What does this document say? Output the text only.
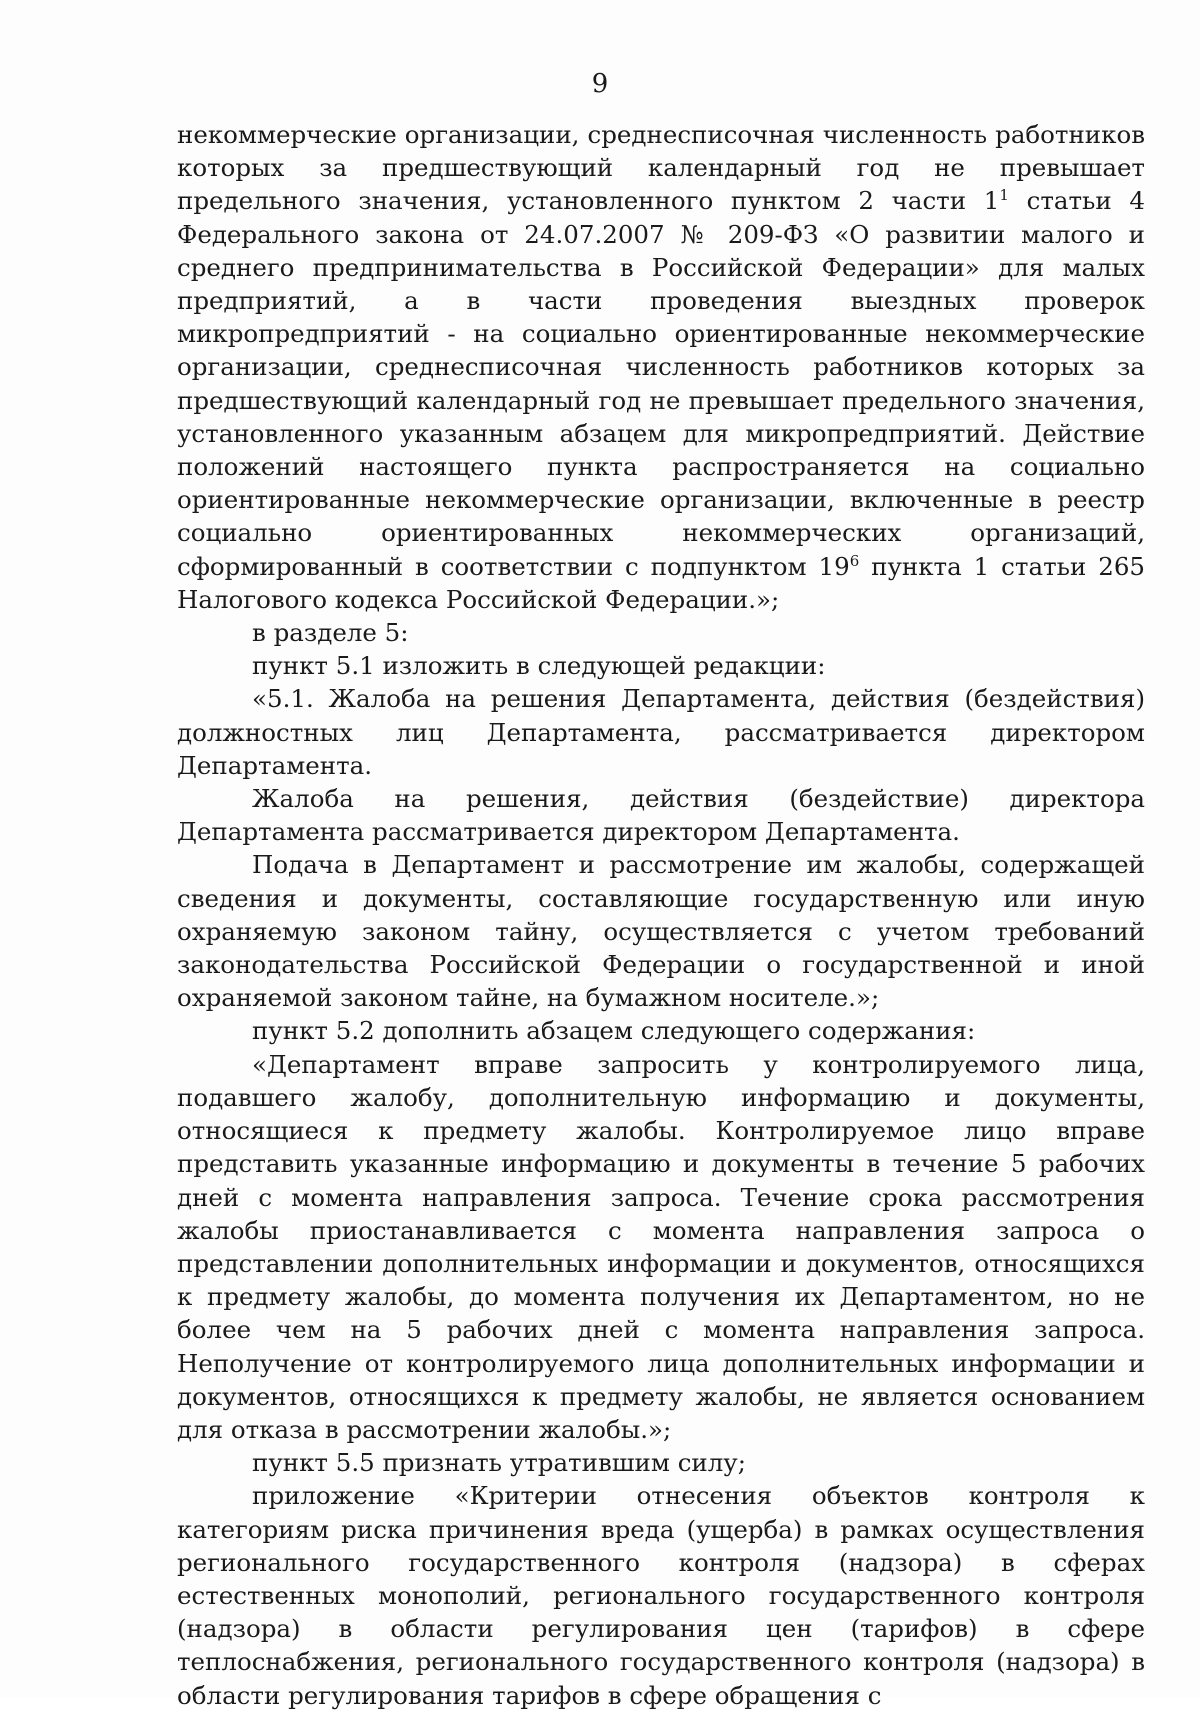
9

некоммерческие организации, среднесписочная численность работников которых за предшествующий календарный год не превышает предельного значения, установленного пунктом 2 части $1^1$ статьи 4 Федерального закона от 24.07.2007 № 209-ФЗ «О развитии малого и среднего предпринимательства в Российской Федерации» для малых предприятий, а в части проведения выездных проверок микропредприятий - на социально ориентированные некоммерческие организации, среднесписочная численность работников которых за предшествующий календарный год не превышает предельного значения, установленного указанным абзацем для микропредприятий. Действие положений настоящего пункта распространяется на социально ориентированные некоммерческие организации, включенные в реестр социально ориентированных некоммерческих организаций, сформированный в соответствии с подпунктом $19^6$ пункта 1 статьи 265 Налогового кодекса Российской Федерации.»;

в разделе 5:

пункт 5.1 изложить в следующей редакции:

«5.1. Жалоба на решения Департамента, действия (бездействия) должностных лиц Департамента, рассматривается директором Департамента.

Жалоба на решения, действия (бездействие) директора Департамента рассматривается директором Департамента.

Подача в Департамент и рассмотрение им жалобы, содержащей сведения и документы, составляющие государственную или иную охраняемую законом тайну, осуществляется с учетом требований законодательства Российской Федерации о государственной и иной охраняемой законом тайне, на бумажном носителе.»;

пункт 5.2 дополнить абзацем следующего содержания:

«Департамент вправе запросить у контролируемого лица, подавшего жалобу, дополнительную информацию и документы, относящиеся к предмету жалобы. Контролируемое лицо вправе представить указанные информацию и документы в течение 5 рабочих дней с момента направления запроса. Течение срока рассмотрения жалобы приостанавливается с момента направления запроса о представлении дополнительных информации и документов, относящихся к предмету жалобы, до момента получения их Департаментом, но не более чем на 5 рабочих дней с момента направления запроса. Неполучение от контролируемого лица дополнительных информации и документов, относящихся к предмету жалобы, не является основанием для отказа в рассмотрении жалобы.»;

пункт 5.5 признать утратившим силу;

приложение «Критерии отнесения объектов контроля к категориям риска причинения вреда (ущерба) в рамках осуществления регионального государственного контроля (надзора) в сферах естественных монополий, регионального государственного контроля (надзора) в области регулирования цен (тарифов) в сфере теплоснабжения, регионального государственного контроля (надзора) в области регулирования тарифов в сфере обращения с
